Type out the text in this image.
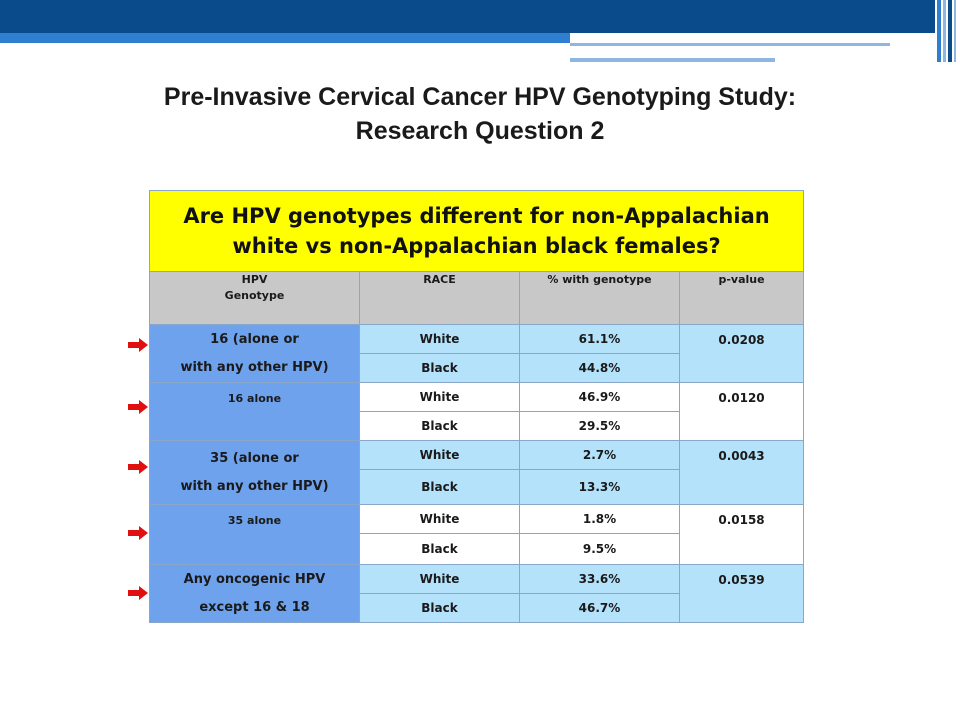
Pre-Invasive Cervical Cancer HPV Genotyping Study:
Research Question 2
Are HPV genotypes different for non-Appalachian
white vs non-Appalachian black females?			

HPV
Genotype	RACE	% with genotype	p-value

16 (alone or
with any other HPV)	White	61.1%	0.0208
	Black	44.8%	
16 alone	White	46.9%	0.0120
	Black	29.5%	

35 (alone or
with any other HPV)	White	2.7%	0.0043
	Black	13.3%	
35 alone	White	1.8%	0.0158
	Black	9.5%	

Any oncogenic HPV
except 16 & 18	White	33.6%	0.0539
	Black	46.7%	
